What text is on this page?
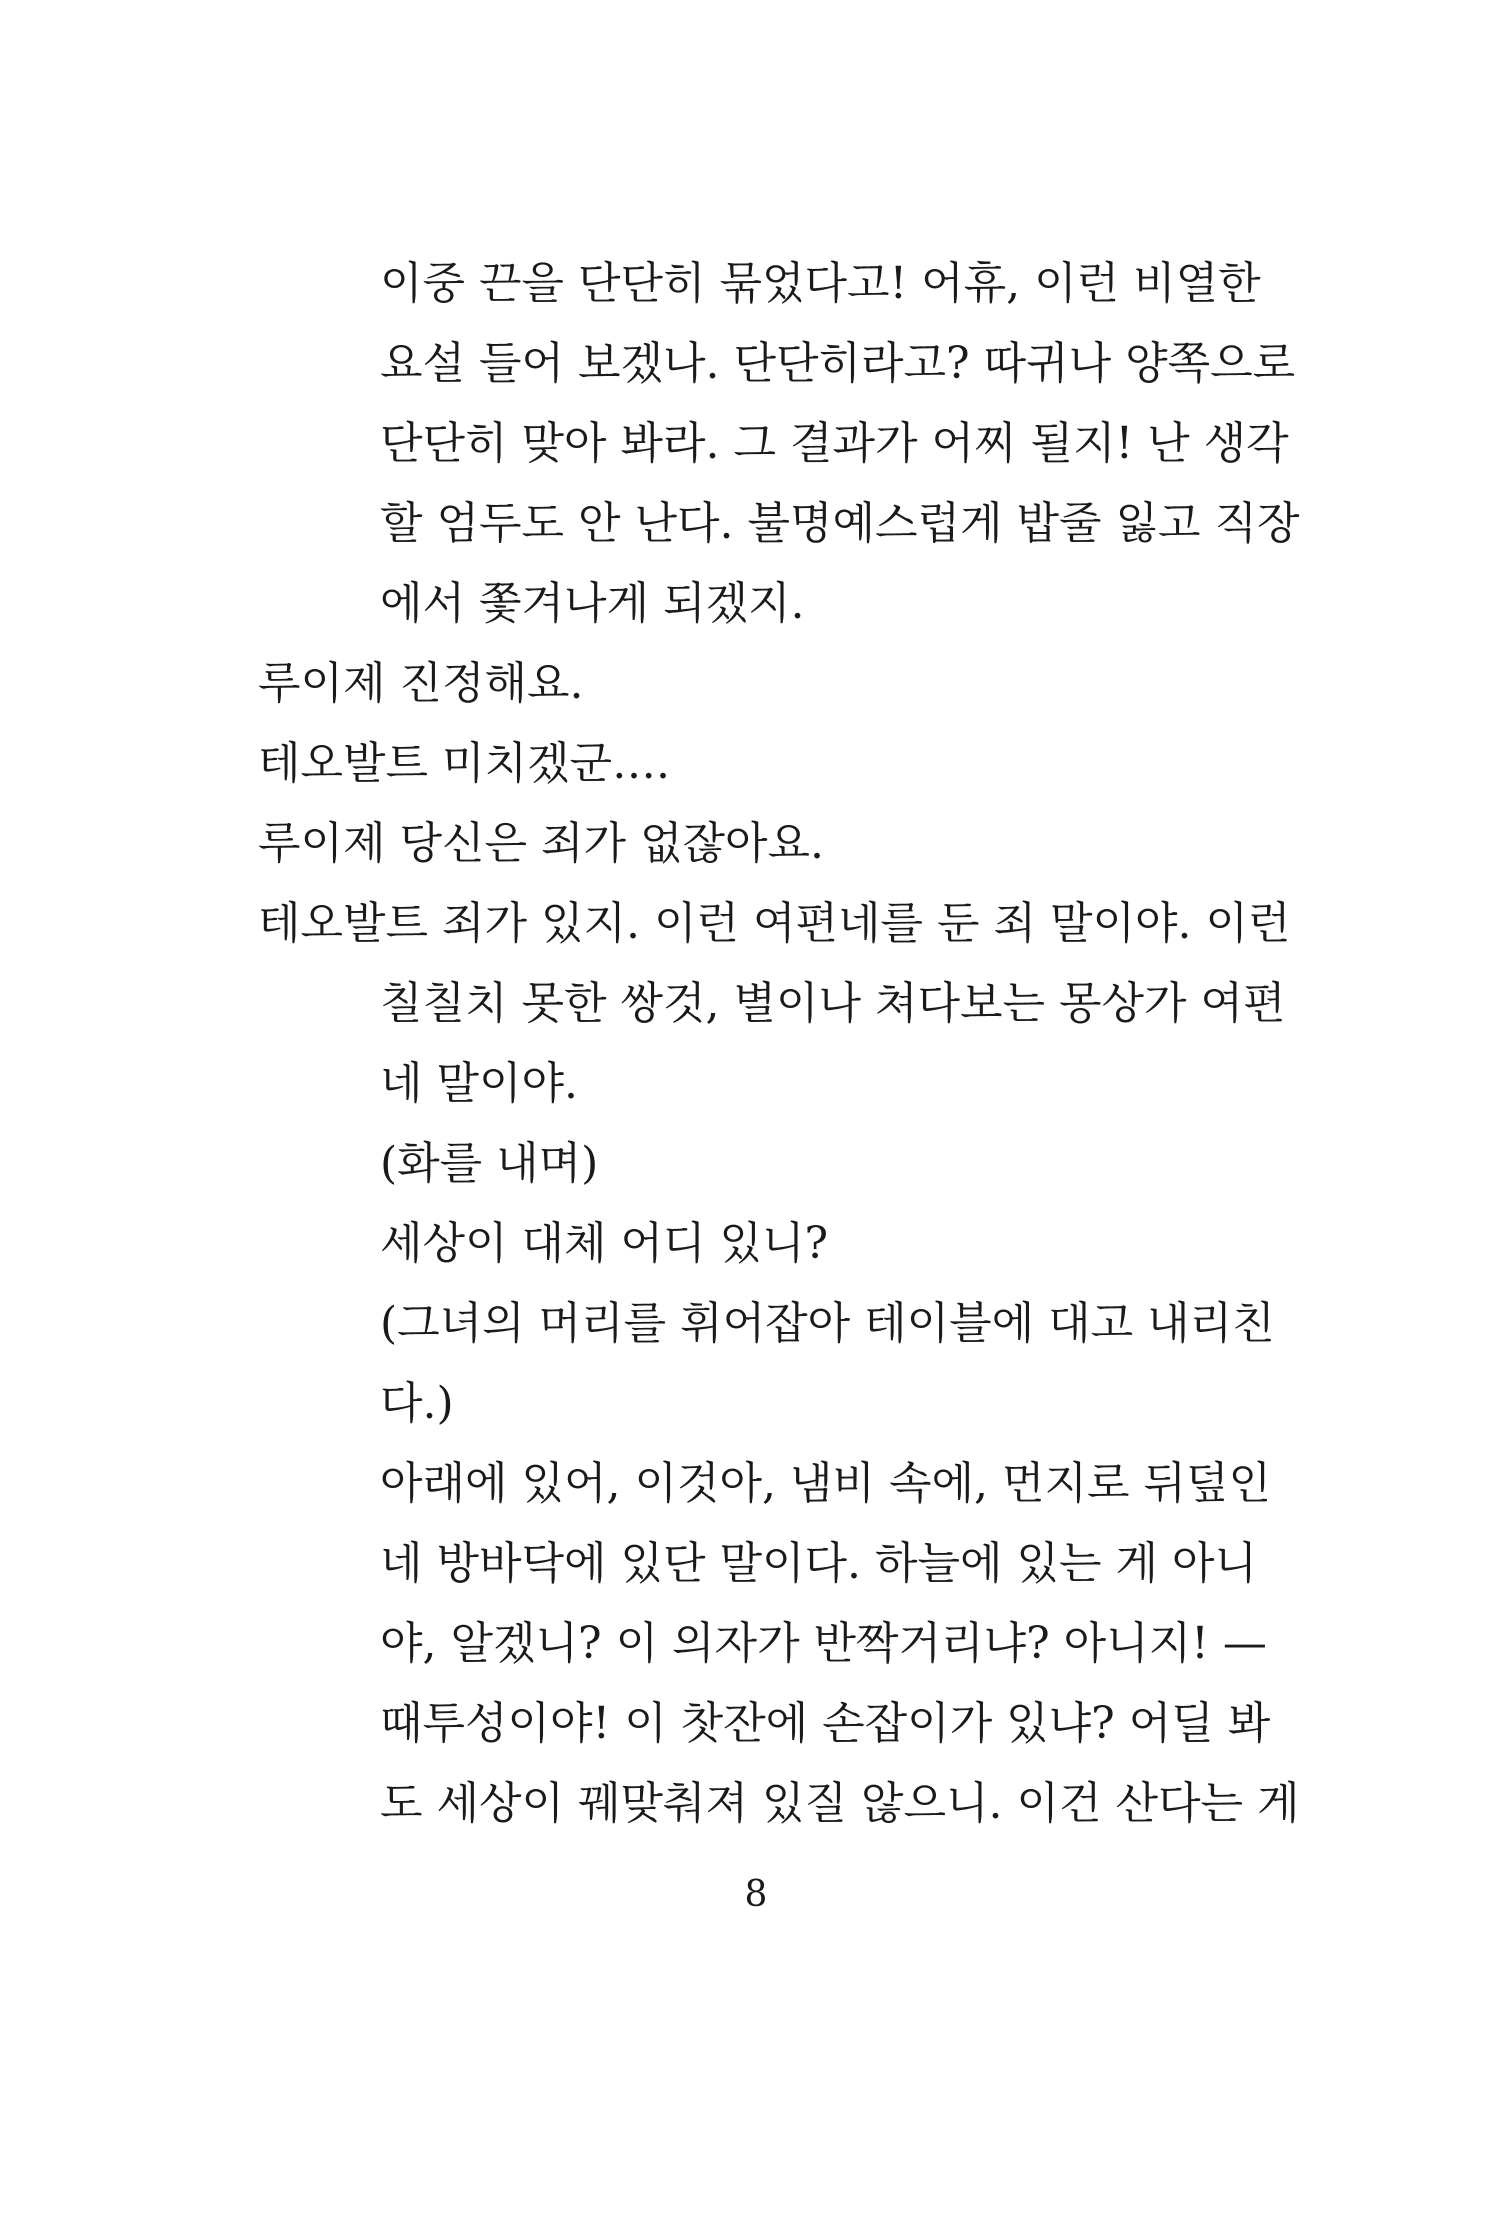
이중 끈을 단단히 묶었다고! 어휴, 이런 비열한
요설 들어 보겠나. 단단히라고? 따귀나 양쪽으로
단단히 맞아 봐라. 그 결과가 어찌 될지! 난 생각
할 엄두도 안 난다. 불명예스럽게 밥줄 잃고 직장
에서 쫓겨나게 되겠지.
루이제 진정해요.
테오발트 미치겠군….
루이제 당신은 죄가 없잖아요.
테오발트 죄가 있지. 이런 여편네를 둔 죄 말이야. 이런
칠칠치 못한 쌍것, 별이나 쳐다보는 몽상가 여편
네 말이야.
(화를 내며)
세상이 대체 어디 있니?
(그녀의 머리를 휘어잡아 테이블에 대고 내리친
다.)
아래에 있어, 이것아, 냄비 속에, 먼지로 뒤덮인
네 방바닥에 있단 말이다. 하늘에 있는 게 아니
야, 알겠니? 이 의자가 반짝거리냐? 아니지! —
때투성이야! 이 찻잔에 손잡이가 있냐? 어딜 봐
도 세상이 꿰맞춰져 있질 않으니. 이건 산다는 게
8
